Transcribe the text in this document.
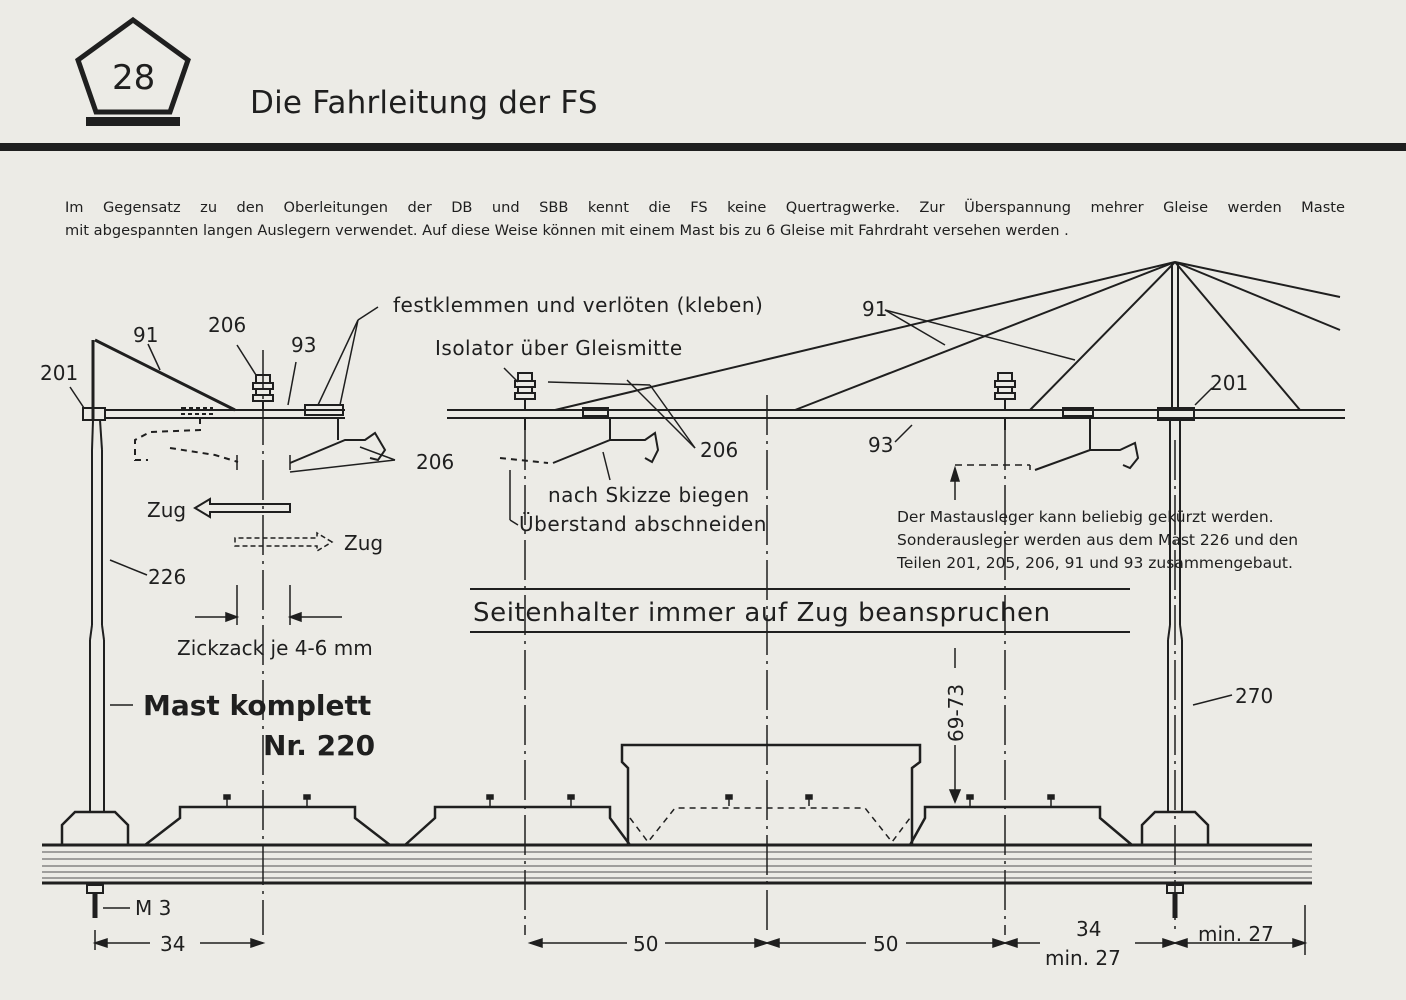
28
Die Fahrleitung der FS

Im Gegensatz zu den Oberleitungen der DB und SBB kennt die FS keine Quertragwerke. Zur Überspannung mehrer Gleise werden Maste

mit abgespannten langen Auslegern verwendet. Auf diese Weise können mit einem Mast bis zu 6 Gleise mit Fahrdraht versehen werden .

201
91 206
93
festklemmen und verlöten (kleben)
Isolator über Gleismitte
206	206
Zug
Zug
226
Zickzack je 4-6 mm
Mast komplett
Nr. 220
nach Skizze biegen
Überstand abschneiden
91
93
201
Der Mastausleger kann beliebig gekürzt werden.
Sonderausleger werden aus dem Mast 226 und den
Teilen 201, 205, 206, 91 und 93 zusammengebaut.
Seitenhalter immer auf Zug beanspruchen
69-73	270
M 3
34	50	50
34
min. 27
min. 27
